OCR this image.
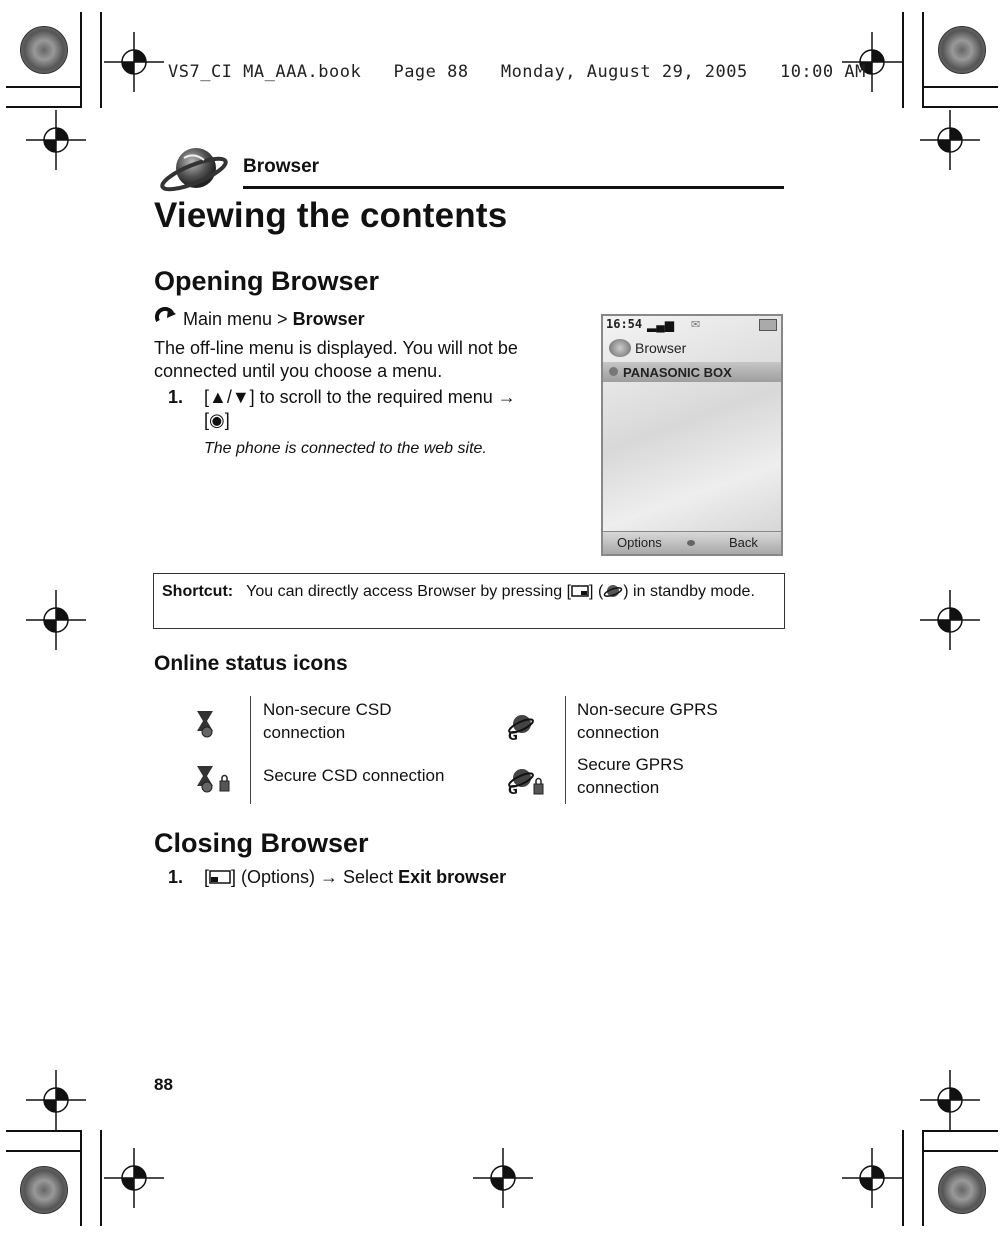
VS7_CI MA_AAA.book Page 88 Monday, August 29, 2005 10:00 AM
Browser
Viewing the contents
Opening Browser
Main menu > Browser
The off-line menu is displayed. You will not be connected until you choose a menu.
1. [▲/▼] to scroll to the required menu →
[◉]
The phone is connected to the web site.
16:54 ▂▄▆ ✉
Browser
PANASONIC BOX
Options	Back
Shortcut: You can directly access Browser by pressing [ ] ( ) in standby mode.
Online status icons
Non-secure CSD connection
Secure CSD connection
G
G
Non-secure GPRS connection
Secure GPRS connection
Closing Browser
1. [ ] (Options) → Select Exit browser
88
